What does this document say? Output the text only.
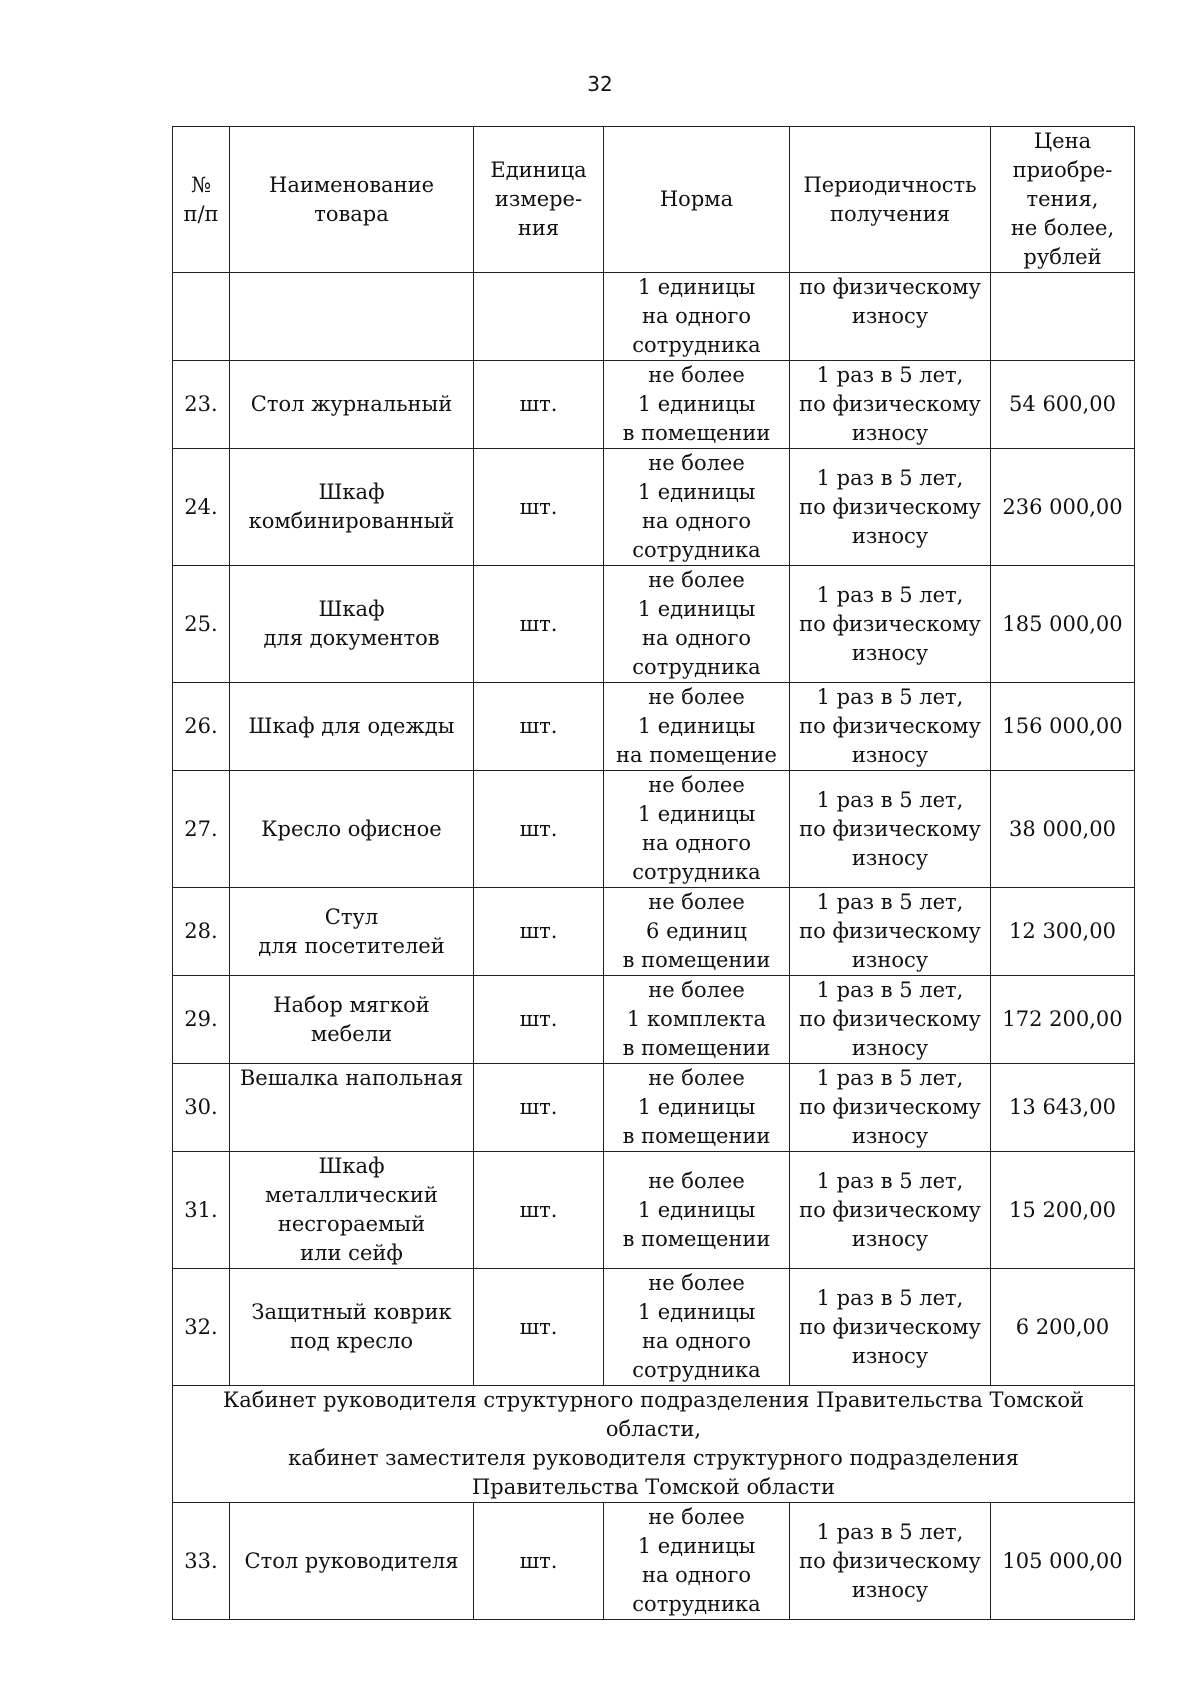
32
№
п/п	Наименование
товара	Единица
измере-
ния	Норма	Периодичность
получения	Цена
приобре-
тения,
не более,
рублей
			1 единицы
на одного
сотрудника	по физическому
износу	
23.	Стол журнальный	шт.	не более
1 единицы
в помещении	1 раз в 5 лет,
по физическому
износу	54 600,00
24.	Шкаф
комбинированный	шт.	не более
1 единицы
на одного
сотрудника	1 раз в 5 лет,
по физическому
износу	236 000,00
25.	Шкаф
для документов	шт.	не более
1 единицы
на одного
сотрудника	1 раз в 5 лет,
по физическому
износу	185 000,00
26.	Шкаф для одежды	шт.	не более
1 единицы
на помещение	1 раз в 5 лет,
по физическому
износу	156 000,00
27.	Кресло офисное	шт.	не более
1 единицы
на одного
сотрудника	1 раз в 5 лет,
по физическому
износу	38 000,00
28.	Стул
для посетителей	шт.	не более
6 единиц
в помещении	1 раз в 5 лет,
по физическому
износу	12 300,00
29.	Набор мягкой
мебели	шт.	не более
1 комплекта
в помещении	1 раз в 5 лет,
по физическому
износу	172 200,00
30.	Вешалка напольная	шт.	не более
1 единицы
в помещении	1 раз в 5 лет,
по физическому
износу	13 643,00
31.	Шкаф
металлический
несгораемый
или сейф	шт.	не более
1 единицы
в помещении	1 раз в 5 лет,
по физическому
износу	15 200,00
32.	Защитный коврик
под кресло	шт.	не более
1 единицы
на одного
сотрудника	1 раз в 5 лет,
по физическому
износу	6 200,00
Кабинет руководителя структурного подразделения Правительства Томской области,
кабинет заместителя руководителя структурного подразделения
Правительства Томской области					
33.	Стол руководителя	шт.	не более
1 единицы
на одного
сотрудника	1 раз в 5 лет,
по физическому
износу	105 000,00
